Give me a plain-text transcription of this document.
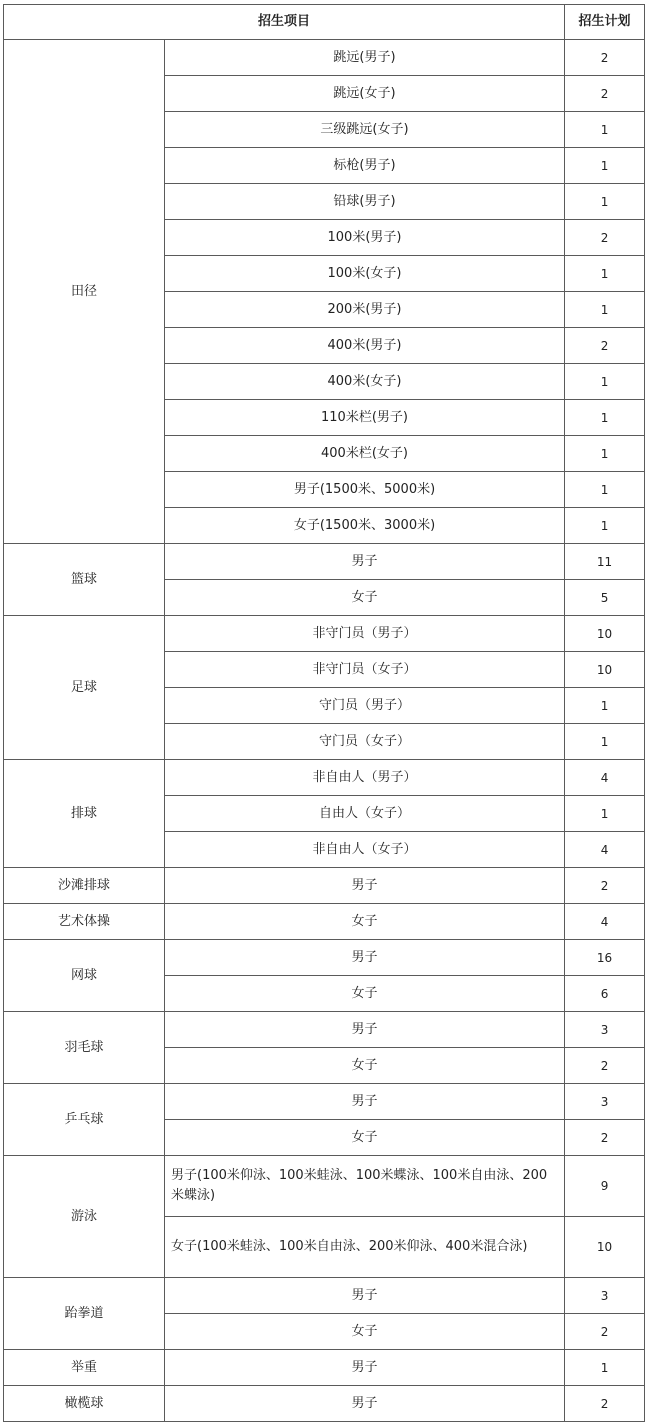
招生项目		招生计划
田径	跳远(男子)	2
	跳远(女子)	2
	三级跳远(女子)	1
	标枪(男子)	1
	铅球(男子)	1
	100米(男子)	2
	100米(女子)	1
	200米(男子)	1
	400米(男子)	2
	400米(女子)	1
	110米栏(男子)	1
	400米栏(女子)	1
	男子(1500米、5000米)	1
	女子(1500米、3000米)	1
篮球	男子	11
	女子	5
足球	非守门员（男子）	10
	非守门员（女子）	10
	守门员（男子）	1
	守门员（女子）	1
排球	非自由人（男子）	4
	自由人（女子）	1
	非自由人（女子）	4
沙滩排球	男子	2
艺术体操	女子	4
网球	男子	16
	女子	6
羽毛球	男子	3
	女子	2
乒乓球	男子	3
	女子	2
游泳	男子(100米仰泳、100米蛙泳、100米蝶泳、100米自由泳、200米蝶泳)	9
	女子(100米蛙泳、100米自由泳、200米仰泳、400米混合泳)	10
跆拳道	男子	3
	女子	2
举重	男子	1
橄榄球	男子	2
